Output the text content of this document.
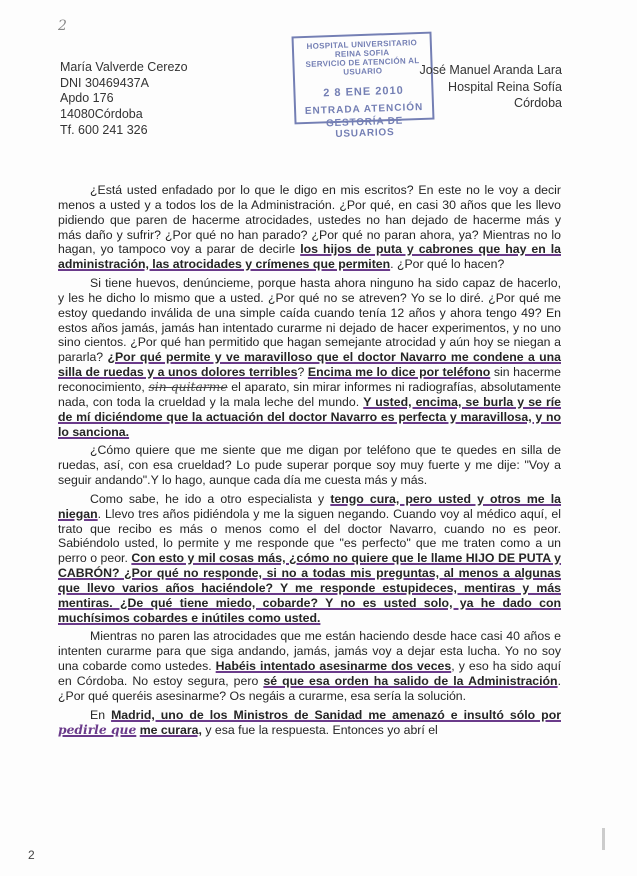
2
María Valverde Cerezo
DNI 30469437A
Apdo 176
14080Córdoba
Tf. 600 241 326
HOSPITAL UNIVERSITARIO REINA SOFIA
SERVICIO DE ATENCIÓN AL USUARIO
2 8 ENE 2010
ENTRADA ATENCIÓN
GESTORÍA DE USUARIOS
José Manuel Aranda Lara
Hospital Reina Sofía
Córdoba

¿Está usted enfadado por lo que le digo en mis escritos? En este no le voy a decir menos a usted y a todos los de la Administración. ¿Por qué, en casi 30 años que les llevo pidiendo que paren de hacerme atrocidades, ustedes no han dejado de hacerme más y más daño y sufrir? ¿Por qué no han parado? ¿Por qué no paran ahora, ya? Mientras no lo hagan, yo tampoco voy a parar de decirle los hijos de puta y cabrones que hay en la administración, las atrocidades y crímenes que permiten. ¿Por qué lo hacen?

Si tiene huevos, denúncieme, porque hasta ahora ninguno ha sido capaz de hacerlo, y les he dicho lo mismo que a usted. ¿Por qué no se atreven? Yo se lo diré. ¿Por qué me estoy quedando inválida de una simple caída cuando tenía 12 años y ahora tengo 49? En estos años jamás, jamás han intentado curarme ni dejado de hacer experimentos, y no uno sino cientos. ¿Por qué han permitido que hagan semejante atrocidad y aún hoy se niegan a pararla? ¿Por qué permite y ve maravilloso que el doctor Navarro me condene a una silla de ruedas y a unos dolores terribles? Encima me lo dice por teléfono sin hacerme reconocimiento, sin quitarme el aparato, sin mirar informes ni radiografías, absolutamente nada, con toda la crueldad y la mala leche del mundo. Y usted, encima, se burla y se ríe de mí diciéndome que la actuación del doctor Navarro es perfecta y maravillosa, y no lo sanciona.

¿Cómo quiere que me siente que me digan por teléfono que te quedes en silla de ruedas, así, con esa crueldad? Lo pude superar porque soy muy fuerte y me dije: "Voy a seguir andando".Y lo hago, aunque cada día me cuesta más y más.

Como sabe, he ido a otro especialista y tengo cura, pero usted y otros me la niegan. Llevo tres años pidiéndola y me la siguen negando. Cuando voy al médico aquí, el trato que recibo es más o menos como el del doctor Navarro, cuando no es peor. Sabiéndolo usted, lo permite y me responde que "es perfecto" que me traten como a un perro o peor. Con esto y mil cosas más, ¿cómo no quiere que le llame HIJO DE PUTA y CABRÓN? ¿Por qué no responde, si no a todas mis preguntas, al menos a algunas que llevo varios años haciéndole? Y me responde estupideces, mentiras y más mentiras. ¿De qué tiene miedo, cobarde? Y no es usted solo, ya he dado con muchísimos cobardes e inútiles como usted.

Mientras no paren las atrocidades que me están haciendo desde hace casi 40 años e intenten curarme para que siga andando, jamás, jamás voy a dejar esta lucha. Yo no soy una cobarde como ustedes. Habéis intentado asesinarme dos veces, y eso ha sido aquí en Córdoba. No estoy segura, pero sé que esa orden ha salido de la Administración. ¿Por qué queréis asesinarme? Os negáis a curarme, esa sería la solución.

En Madrid, uno de los Ministros de Sanidad me amenazó e insultó sólo por pedirle que me curara, y esa fue la respuesta. Entonces yo abrí el

2
